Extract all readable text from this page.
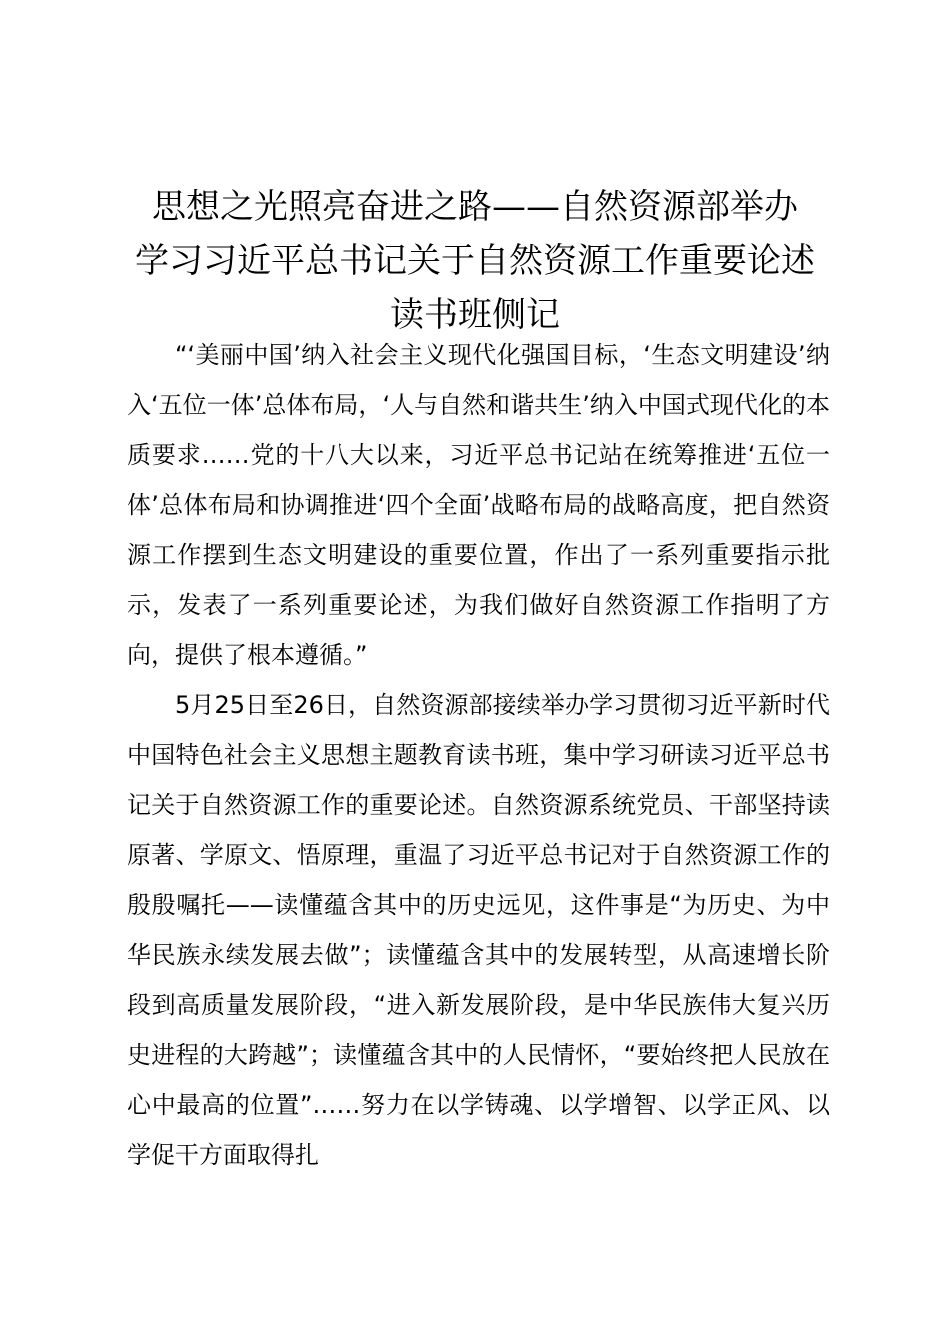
思想之光照亮奋进之路——自然资源部举办
学习习近平总书记关于自然资源工作重要论述
读书班侧记

“‘美丽中国’纳入社会主义现代化强国目标，‘生态文明建设’纳入‘五位一体’总体布局，‘人与自然和谐共生’纳入中国式现代化的本质要求……党的十八大以来，习近平总书记站在统筹推进‘五位一体’总体布局和协调推进‘四个全面’战略布局的战略高度，把自然资源工作摆到生态文明建设的重要位置，作出了一系列重要指示批示，发表了一系列重要论述，为我们做好自然资源工作指明了方向，提供了根本遵循。”

5月25日至26日，自然资源部接续举办学习贯彻习近平新时代中国特色社会主义思想主题教育读书班，集中学习研读习近平总书记关于自然资源工作的重要论述。自然资源系统党员、干部坚持读原著、学原文、悟原理，重温了习近平总书记对于自然资源工作的殷殷嘱托——读懂蕴含其中的历史远见，这件事是“为历史、为中华民族永续发展去做”；读懂蕴含其中的发展转型，从高速增长阶段到高质量发展阶段，“进入新发展阶段，是中华民族伟大复兴历史进程的大跨越”；读懂蕴含其中的人民情怀，“要始终把人民放在心中最高的位置”……努力在以学铸魂、以学增智、以学正风、以学促干方面取得扎
